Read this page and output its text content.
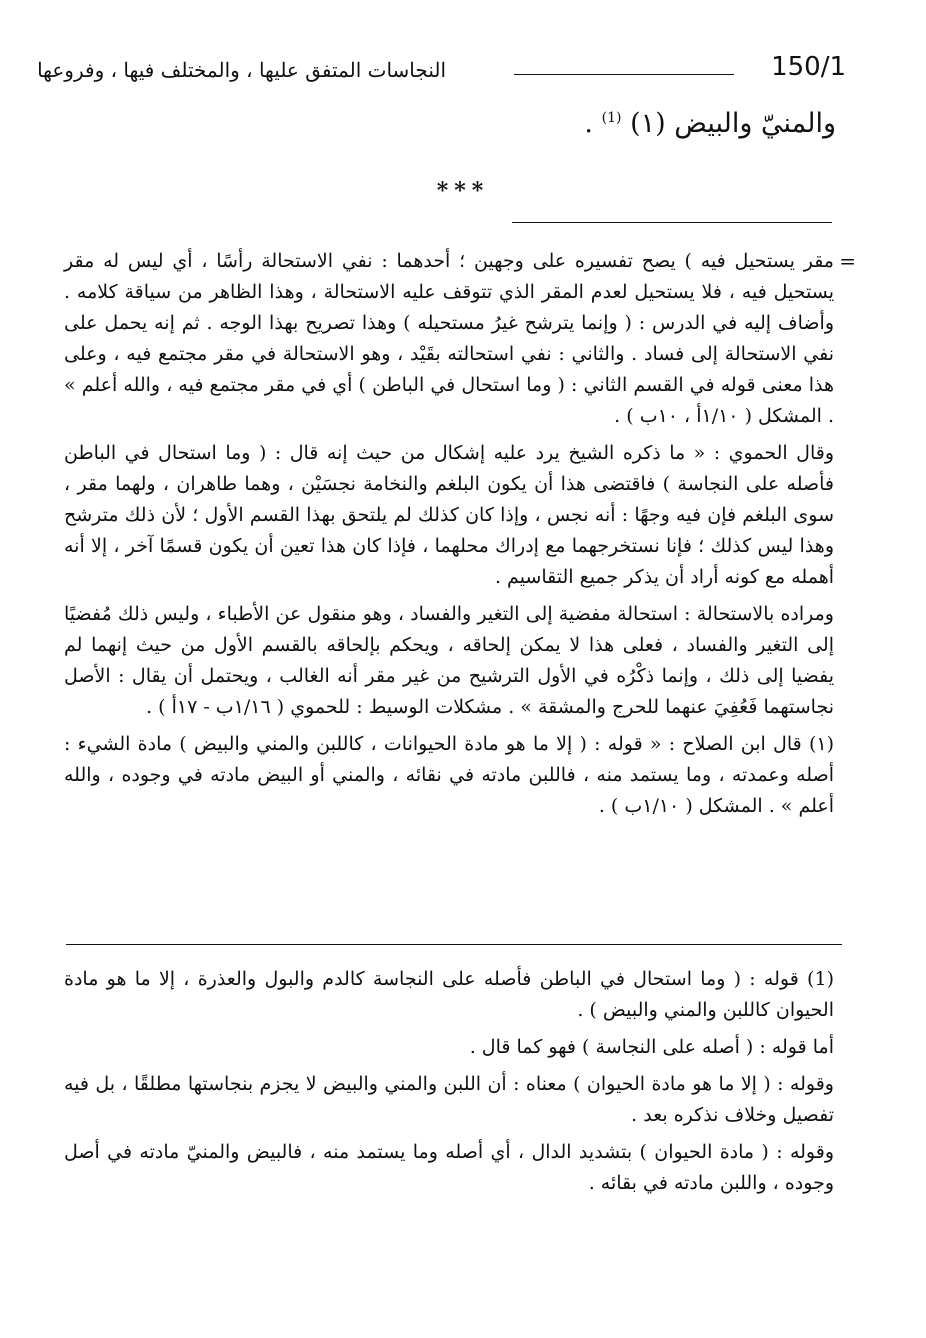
النجاسات المتفق عليها ، والمختلف فيها ، وفروعها	150/1
والمنيّ والبيض (١) $^{(1)}$ .
***
=

مقر يستحيل فيه ) يصح تفسيره على وجهين ؛ أحدهما : نفي الاستحالة رأسًا ، أي ليس له مقر يستحيل فيه ، فلا يستحيل لعدم المقر الذي تتوقف عليه الاستحالة ، وهذا الظاهر من سياقة كلامه . وأضاف إليه في الدرس : ( وإنما يترشح غيرُ مستحيله ) وهذا تصريح بهذا الوجه . ثم إنه يحمل على نفي الاستحالة إلى فساد . والثاني : نفي استحالته بقَيْد ، وهو الاستحالة في مقر مجتمع فيه ، وعلى هذا معنى قوله في القسم الثاني : ( وما استحال في الباطن ) أي في مقر مجتمع فيه ، والله أعلم » . المشكل ( ١/١٠أ ، ١٠ب ) .

وقال الحموي : « ما ذكره الشيخ يرد عليه إشكال من حيث إنه قال : ( وما استحال في الباطن فأصله على النجاسة ) فاقتضى هذا أن يكون البلغم والنخامة نجسَيْن ، وهما طاهران ، ولهما مقر ، سوى البلغم فإن فيه وجهًا : أنه نجس ، وإذا كان كذلك لم يلتحق بهذا القسم الأول ؛ لأن ذلك مترشح وهذا ليس كذلك ؛ فإنا نستخرجهما مع إدراك محلهما ، فإذا كان هذا تعين أن يكون قسمًا آخر ، إلا أنه أهمله مع كونه أراد أن يذكر جميع التقاسيم .

ومراده بالاستحالة : استحالة مفضية إلى التغير والفساد ، وهو منقول عن الأطباء ، وليس ذلك مُفضيًا إلى التغير والفساد ، فعلى هذا لا يمكن إلحاقه ، ويحكم بإلحاقه بالقسم الأول من حيث إنهما لم يفضيا إلى ذلك ، وإنما ذكْرُه في الأول الترشيح من غير مقر أنه الغالب ، ويحتمل أن يقال : الأصل نجاستهما فَعُفِيَ عنهما للحرج والمشقة » . مشكلات الوسيط : للحموي ( ١/١٦ب - ١٧أ ) .

(١) قال ابن الصلاح : « قوله : ( إلا ما هو مادة الحيوانات ، كاللبن والمني والبيض ) مادة الشيء : أصله وعمدته ، وما يستمد منه ، فاللبن مادته في نقائه ، والمني أو البيض مادته في وجوده ، والله أعلم » . المشكل ( ١/١٠ب ) .

(1) قوله : ( وما استحال في الباطن فأصله على النجاسة كالدم والبول والعذرة ، إلا ما هو مادة الحيوان كاللبن والمني والبيض ) .

أما قوله : ( أصله على النجاسة ) فهو كما قال .

وقوله : ( إلا ما هو مادة الحيوان ) معناه : أن اللبن والمني والبيض لا يجزم بنجاستها مطلقًا ، بل فيه تفصيل وخلاف نذكره بعد .

وقوله : ( مادة الحيوان ) بتشديد الدال ، أي أصله وما يستمد منه ، فالبيض والمنيّ مادته في أصل وجوده ، واللبن مادته في بقائه .
